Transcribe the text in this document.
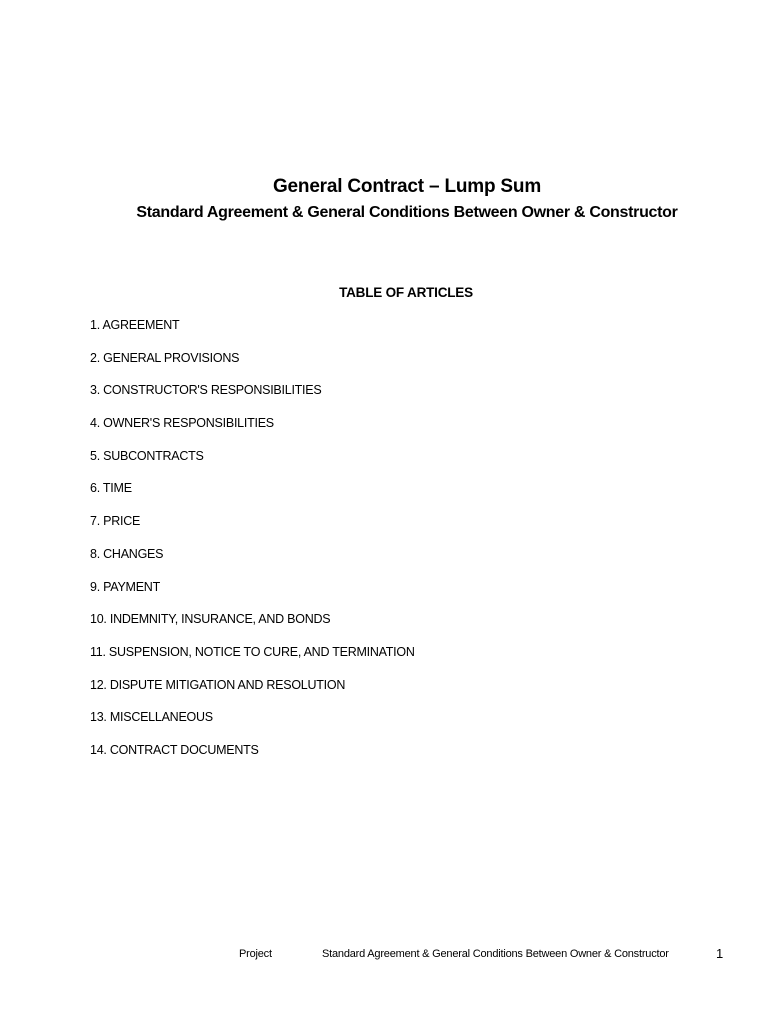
General Contract – Lump Sum
Standard Agreement & General Conditions Between Owner & Constructor
TABLE OF ARTICLES
1. AGREEMENT
2. GENERAL PROVISIONS
3. CONSTRUCTOR'S RESPONSIBILITIES
4. OWNER'S RESPONSIBILITIES
5. SUBCONTRACTS
6. TIME
7. PRICE
8. CHANGES
9. PAYMENT
10. INDEMNITY, INSURANCE, AND BONDS
11. SUSPENSION, NOTICE TO CURE, AND TERMINATION
12. DISPUTE MITIGATION AND RESOLUTION
13. MISCELLANEOUS
14. CONTRACT DOCUMENTS
Project	Standard Agreement & General Conditions Between Owner & Constructor	1
